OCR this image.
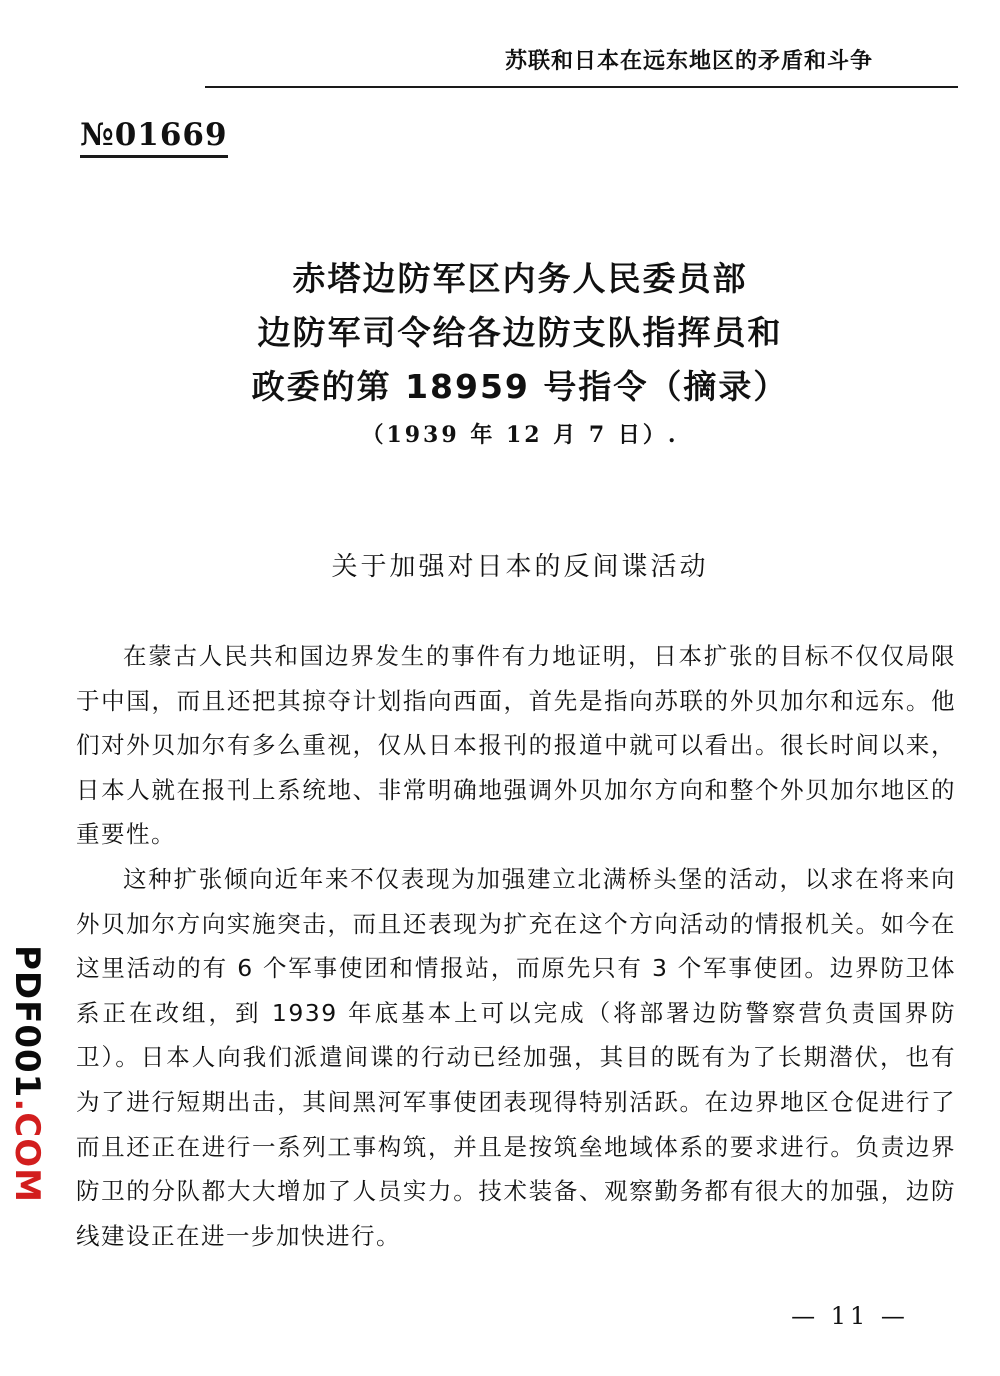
苏联和日本在远东地区的矛盾和斗争
№01669
赤塔边防军区内务人民委员部
边防军司令给各边防支队指挥员和
政委的第 18959 号指令（摘录）
（1939 年 12 月 7 日）.
关于加强对日本的反间谍活动

在蒙古人民共和国边界发生的事件有力地证明，日本扩张的目标不仅仅局限于中国，而且还把其掠夺计划指向西面，首先是指向苏联的外贝加尔和远东。他们对外贝加尔有多么重视，仅从日本报刊的报道中就可以看出。很长时间以来，日本人就在报刊上系统地、非常明确地强调外贝加尔方向和整个外贝加尔地区的重要性。

这种扩张倾向近年来不仅表现为加强建立北满桥头堡的活动，以求在将来向外贝加尔方向实施突击，而且还表现为扩充在这个方向活动的情报机关。如今在这里活动的有 6 个军事使团和情报站，而原先只有 3 个军事使团。边界防卫体系正在改组，到 1939 年底基本上可以完成（将部署边防警察营负责国界防卫）。日本人向我们派遣间谍的行动已经加强，其目的既有为了长期潜伏，也有为了进行短期出击，其间黑河军事使团表现得特别活跃。在边界地区仓促进行了而且还正在进行一系列工事构筑，并且是按筑垒地域体系的要求进行。负责边界防卫的分队都大大增加了人员实力。技术装备、观察勤务都有很大的加强，边防线建设正在进一步加快进行。

— 11 —
PDF001.COM
